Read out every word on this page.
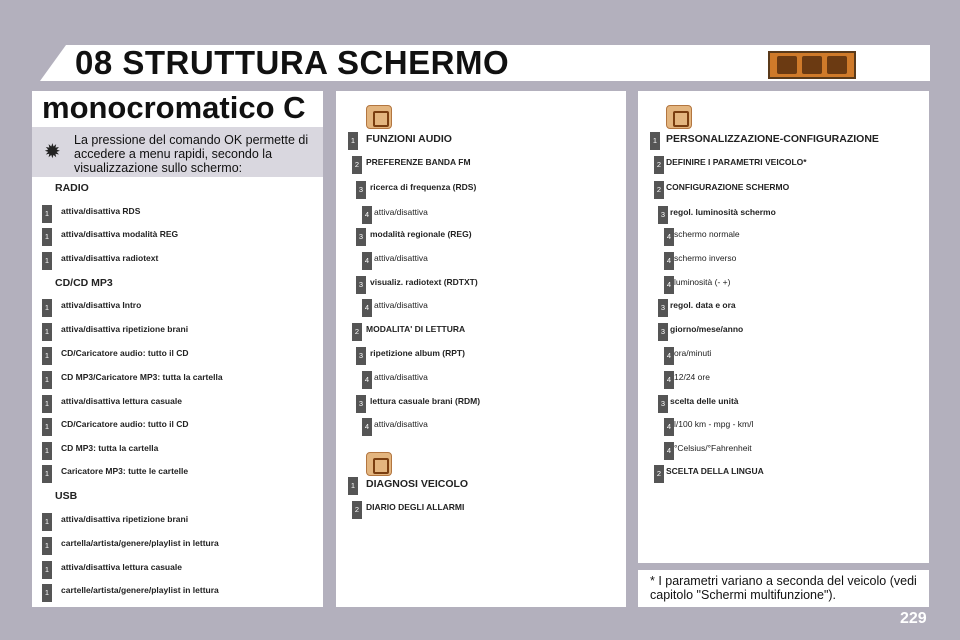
08 STRUTTURA SCHERMO
monocromatico C
✹
La pressione del comando OK permette di accedere a menu rapidi, secondo la visualizzazione sullo schermo:
RADIO
1	attiva/disattiva RDS
1	attiva/disattiva modalità REG
1	attiva/disattiva radiotext
CD/CD MP3
1	attiva/disattiva Intro
1	attiva/disattiva ripetizione brani
1	CD/Caricatore audio: tutto il CD
1	CD MP3/Caricatore MP3: tutta la cartella
1	attiva/disattiva lettura casuale
1	CD/Caricatore audio: tutto il CD
1	CD MP3: tutta la cartella
1	Caricatore MP3: tutte le cartelle
USB
1	attiva/disattiva ripetizione brani
1	cartella/artista/genere/playlist in lettura
1	attiva/disattiva lettura casuale
1	cartelle/artista/genere/playlist in lettura
1 FUNZIONI AUDIO
2 PREFERENZE BANDA FM
3 ricerca di frequenza (RDS)
4 attiva/disattiva
3 modalità regionale (REG)
4 attiva/disattiva
3 visualiz. radiotext (RDTXT)
4 attiva/disattiva
2 MODALITA' DI LETTURA
3 ripetizione album (RPT)
4 attiva/disattiva
3 lettura casuale brani (RDM)
4 attiva/disattiva
1 DIAGNOSI VEICOLO
2 DIARIO DEGLI ALLARMI
1 PERSONALIZZAZIONE-CONFIGURAZIONE
2 DEFINIRE I PARAMETRI VEICOLO*
2 CONFIGURAZIONE SCHERMO
3 regol. luminosità schermo
4 schermo normale
4 schermo inverso
4 luminosità (- +)
3 regol. data e ora
3 giorno/mese/anno
4 ora/minuti
4 12/24 ore
3 scelta delle unità
4 l/100 km - mpg - km/l
4 °Celsius/°Fahrenheit
2 SCELTA DELLA LINGUA
* I parametri variano a seconda del veicolo (vedi capitolo "Schermi multifunzione").
229
